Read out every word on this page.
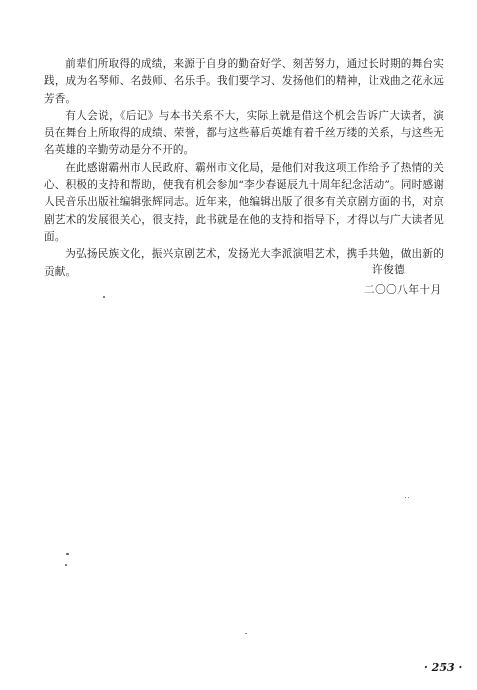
前辈们所取得的成绩，来源于自身的勤奋好学、刻苦努力，通过长时期的舞台实践，成为名琴师、名鼓师、名乐手。我们要学习、发扬他们的精神，让戏曲之花永远芳香。

有人会说，《后记》与本书关系不大，实际上就是借这个机会告诉广大读者，演员在舞台上所取得的成绩、荣誉，都与这些幕后英雄有着千丝万缕的关系，与这些无名英雄的辛勤劳动是分不开的。

在此感谢霸州市人民政府、霸州市文化局，是他们对我这项工作给予了热情的关心、积极的支持和帮助，使我有机会参加“李少春诞辰九十周年纪念活动”。同时感谢人民音乐出版社编辑张辉同志。近年来，他编辑出版了很多有关京剧方面的书，对京剧艺术的发展很关心，很支持，此书就是在他的支持和指导下，才得以与广大读者见面。

为弘扬民族文化，振兴京剧艺术，发扬光大李派演唱艺术，携手共勉，做出新的贡献。	许俊德
二〇〇八年十月
· 253 ·
